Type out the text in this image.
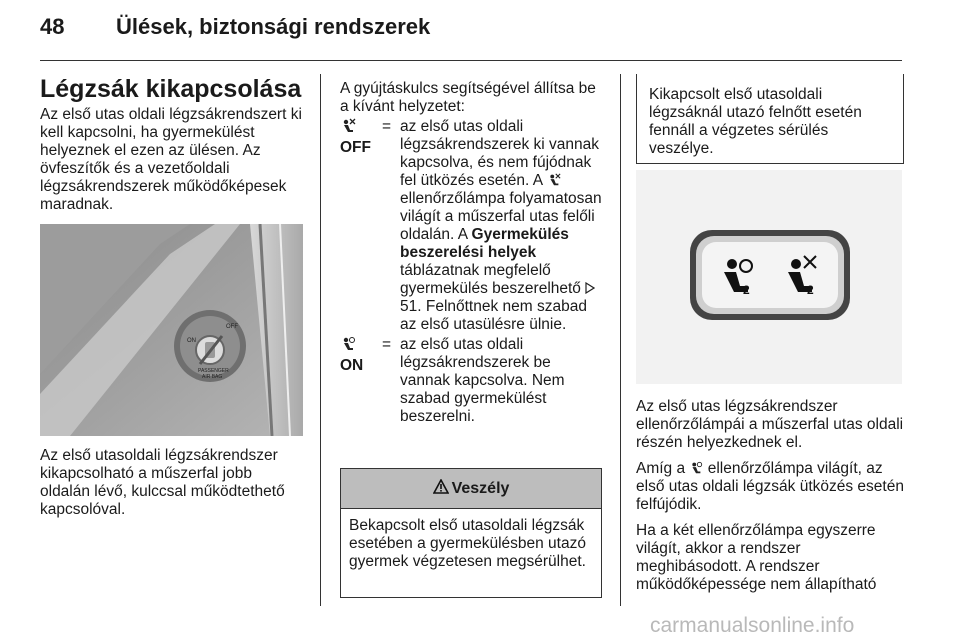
48 Ülések, biztonsági rendszerek
Légzsák kikapcsolása
Az első utas oldali légzsákrendszert ki kell kapcsolni, ha gyermekülést helyeznek el ezen az ülésen. Az övfeszítők és a vezetőoldali légzsákrendszerek működőképesek maradnak.
ON
OFF
PASSENGER
AIR BAG
Az első utasoldali légzsákrendszer kikapcsolható a műszerfal jobb oldalán lévő, kulccsal működtethető kapcsolóval.
A gyújtáskulcs segítségével állítsa be a kívánt helyzetet:
OFF
= az első utas oldali légzsákrendszerek ki vannak kapcsolva, és nem fújódnak fel ütközés esetén. A  ellenőrzőlámpa folyamatosan világít a műszerfal utas felőli oldalán. A Gyermekülés beszerelési helyek táblázatnak megfelelő gyermekülés beszerelhető  51. Felnőttnek nem szabad az első utasülésre ülnie.
ON
= az első utas oldali légzsákrendszerek be vannak kapcsolva. Nem szabad gyermekülést beszerelni.
Veszély
Bekapcsolt első utasoldali légzsák esetében a gyermekülésben utazó gyermek végzetesen megsérülhet.
Kikapcsolt első utasoldali légzsáknál utazó felnőtt esetén fennáll a végzetes sérülés veszélye.
2	2

Az első utas légzsákrendszer ellenőrzőlámpái a műszerfal utas oldali részén helyezkednek el.

Amíg a ellenőrzőlámpa világít, az első utas oldali légzsák ütközés esetén felfújódik.

Ha a két ellenőrzőlámpa egyszerre világít, akkor a rendszer meghibásodott. A rendszer működőképessége nem állapítható

carmanualsonline.info
